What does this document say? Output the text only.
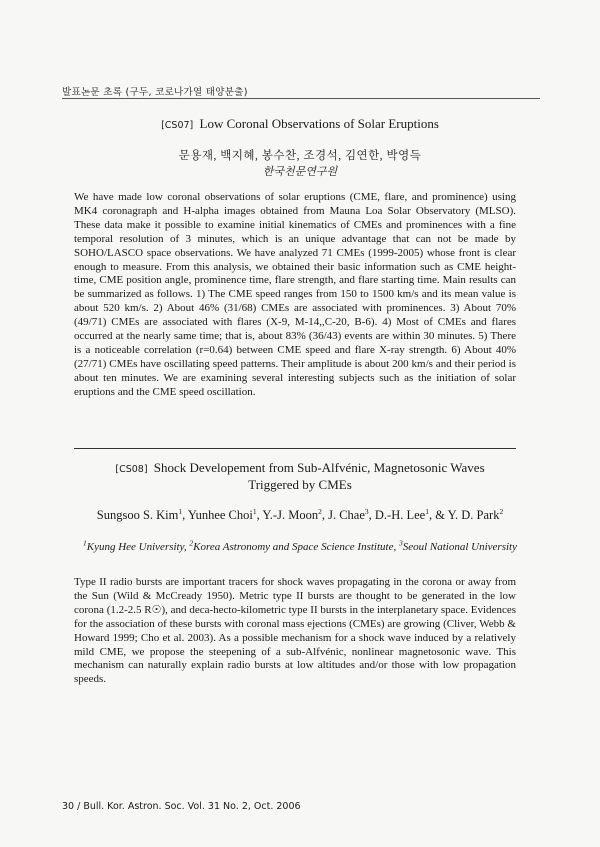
발표논문 초록 (구두, 코로나가열 태양분출)
[CS07] Low Coronal Observations of Solar Eruptions
문용재, 백지혜, 봉수찬, 조경석, 김연한, 박영득
한국천문연구원

We have made low coronal observations of solar eruptions (CME, flare, and prominence) using MK4 coronagraph and H-alpha images obtained from Mauna Loa Solar Observatory (MLSO). These data make it possible to examine initial kinematics of CMEs and prominences with a fine temporal resolution of 3 minutes, which is an unique advantage that can not be made by SOHO/LASCO space observations. We have analyzed 71 CMEs (1999-2005) whose front is clear enough to measure. From this analysis, we obtained their basic information such as CME height-time, CME position angle, prominence time, flare strength, and flare starting time. Main results can be summarized as follows. 1) The CME speed ranges from 150 to 1500 km/s and its mean value is about 520 km/s. 2) About 46% (31/68) CMEs are associated with prominences. 3) About 70% (49/71) CMEs are associated with flares (X-9, M-14,,C-20, B-6). 4) Most of CMEs and flares occurred at the nearly same time; that is, about 83% (36/43) events are within 30 minutes. 5) There is a noticeable correlation (r=0.64) between CME speed and flare X-ray strength. 6) About 40% (27/71) CMEs have oscillating speed patterns. Their amplitude is about 200 km/s and their period is about ten minutes. We are examining several interesting subjects such as the initiation of solar eruptions and the CME speed oscillation.

[CS08] Shock Developement from Sub-Alfvénic, Magnetosonic Waves
Triggered by CMEs

Sungsoo S. Kim$^1$, Yunhee Choi$^1$, Y.-J. Moon$^2$, J. Chae$^3$, D.-H. Lee$^1$, & Y. D. Park$^2$

$^1$Kyung Hee University, $^2$Korea Astronomy and Space Science Institute, $^3$Seoul National University

Type II radio bursts are important tracers for shock waves propagating in the corona or away from the Sun (Wild & McCready 1950). Metric type II bursts are thought to be generated in the low corona (1.2-2.5 R☉), and deca-hecto-kilometric type II bursts in the interplanetary space. Evidences for the association of these bursts with coronal mass ejections (CMEs) are growing (Cliver, Webb & Howard 1999; Cho et al. 2003). As a possible mechanism for a shock wave induced by a relatively mild CME, we propose the steepening of a sub-Alfvénic, nonlinear magnetosonic wave. This mechanism can naturally explain radio bursts at low altitudes and/or those with low propagation speeds.

30 / Bull. Kor. Astron. Soc. Vol. 31 No. 2, Oct. 2006
